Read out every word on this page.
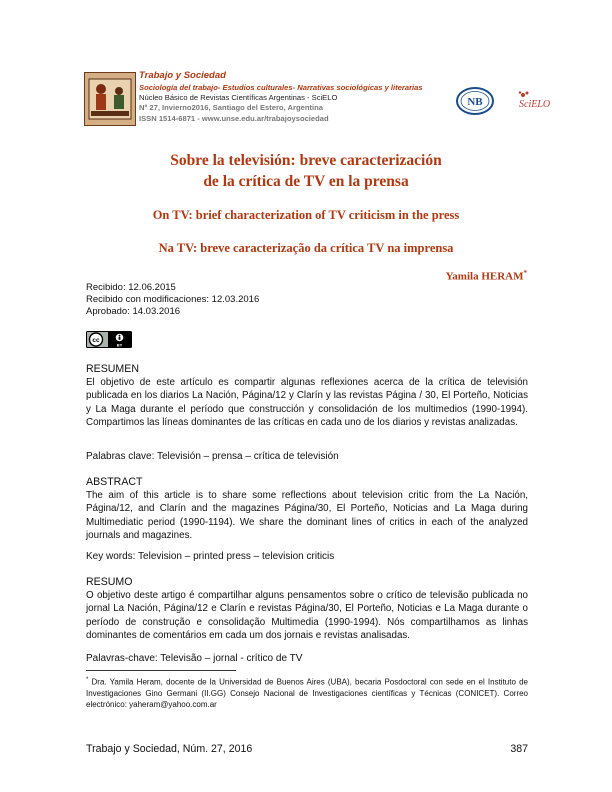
Trabajo y Sociedad
Sociología del trabajo- Estudios culturales- Narrativas sociológicas y literarias
Núcleo Básico de Revistas Científicas Argentinas - SciELO
Nº 27, Invierno2016, Santiago del Estero, Argentina
ISSN 1514-6871 - www.unse.edu.ar/trabajoysociedad
NB	SciELO
Sobre la televisión: breve caracterización
de la crítica de TV en la prensa
On TV: brief characterization of TV criticism in the press
Na TV: breve caracterização da crítica TV na imprensa
Yamila HERAM*
Recibido: 12.06.2015
Recibido con modificaciones: 12.03.2016
Aprobado: 14.03.2016
cc
BY
RESUMEN

El objetivo de este artículo es compartir algunas reflexiones acerca de la crítica de televisión publicada en los diarios La Nación, Página/12 y Clarín y las revistas Página / 30, El Porteño, Noticias y La Maga durante el período que construcción y consolidación de los multimedios (1990-1994). Compartimos las líneas dominantes de las críticas en cada uno de los diarios y revistas analizadas.

Palabras clave: Televisión – prensa – crítica de televisión
ABSTRACT

The aim of this article is to share some reflections about television critic from the La Nación, Página/12, and Clarín and the magazines Página/30, El Porteño, Noticias and La Maga during Multimediatic period (1990-1194). We share the dominant lines of critics in each of the analyzed journals and magazines.

Key words: Television – printed press – television criticis
RESUMO

O objetivo deste artigo é compartilhar alguns pensamentos sobre o crítico de televisão publicada no jornal La Nación, Página/12 e Clarín e revistas Página/30, El Porteño, Noticias e La Maga durante o período de construção e consolidação Multimedia (1990-1994). Nós compartilhamos as linhas dominantes de comentários em cada um dos jornais e revistas analisadas.

Palavras-chave: Televisão – jornal - crítico de TV
* Dra. Yamila Heram, docente de la Universidad de Buenos Aires (UBA), becaria Posdoctoral con sede en el Instituto de Investigaciones Gino Germani (II.GG) Consejo Nacional de Investigaciones científicas y Técnicas (CONICET). Correo electrónico: yaheram@yahoo.com.ar
Trabajo y Sociedad, Núm. 27, 2016	387
